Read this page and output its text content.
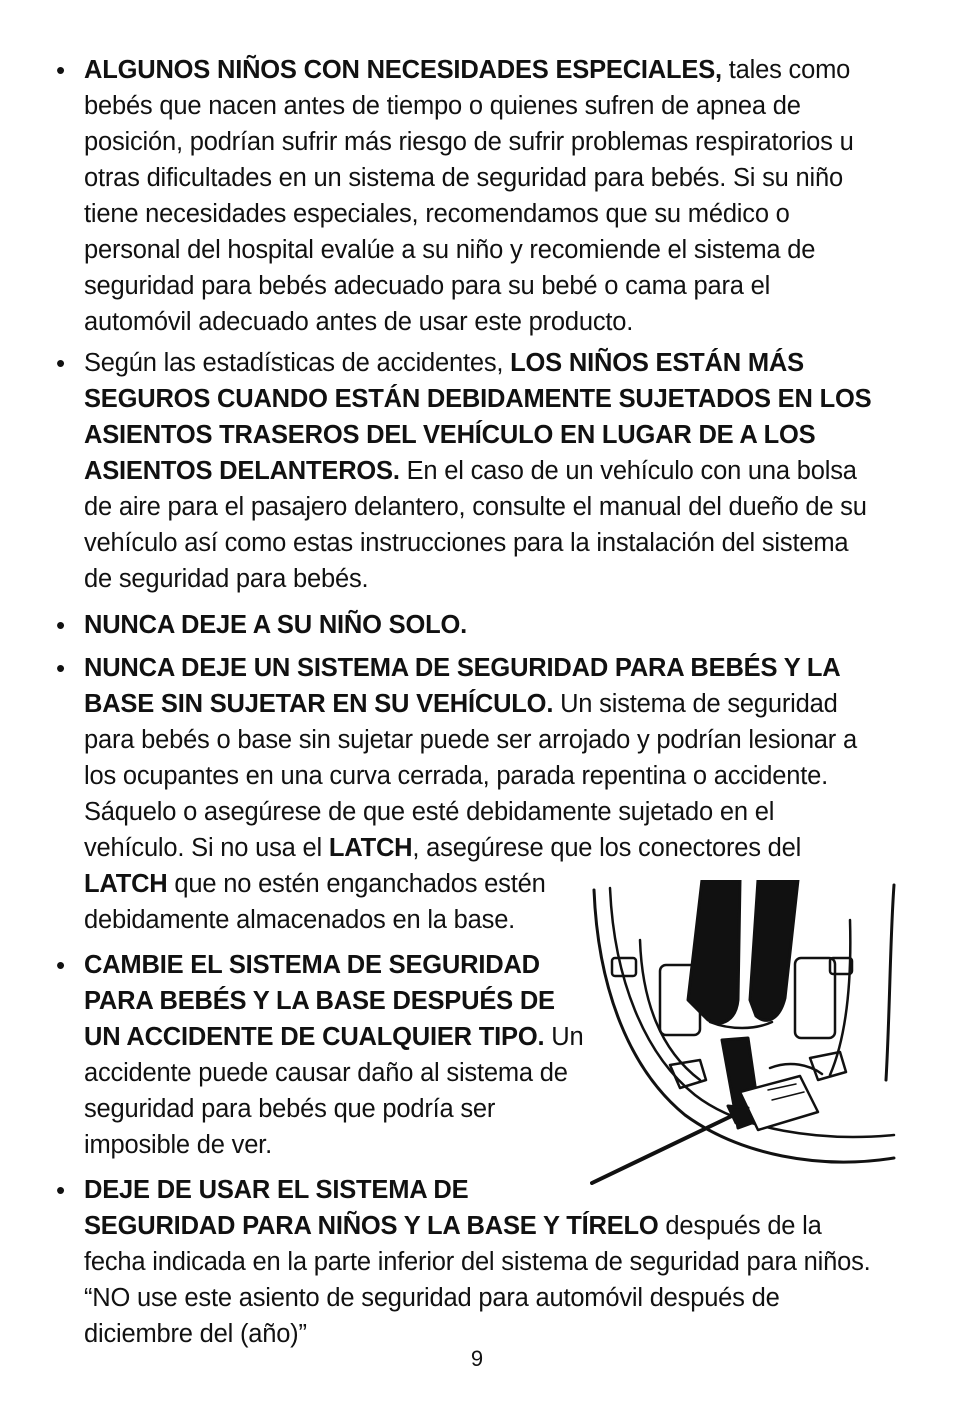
• ALGUNOS NIÑOS CON NECESIDADES ESPECIALES, tales como
bebés que nacen antes de tiempo o quienes sufren de apnea de
posición, podrían sufrir más riesgo de sufrir problemas respiratorios u
otras dificultades en un sistema de seguridad para bebés. Si su niño
tiene necesidades especiales, recomendamos que su médico o
personal del hospital evalúe a su niño y recomiende el sistema de
seguridad para bebés adecuado para su bebé o cama para el
automóvil adecuado antes de usar este producto.
• Según las estadísticas de accidentes, LOS NIÑOS ESTÁN MÁS
SEGUROS CUANDO ESTÁN DEBIDAMENTE SUJETADOS EN LOS
ASIENTOS TRASEROS DEL VEHÍCULO EN LUGAR DE A LOS
ASIENTOS DELANTEROS. En el caso de un vehículo con una bolsa
de aire para el pasajero delantero, consulte el manual del dueño de su
vehículo así como estas instrucciones para la instalación del sistema
de seguridad para bebés.
• NUNCA DEJE A SU NIÑO SOLO.
• NUNCA DEJE UN SISTEMA DE SEGURIDAD PARA BEBÉS Y LA
BASE SIN SUJETAR EN SU VEHÍCULO. Un sistema de seguridad
para bebés o base sin sujetar puede ser arrojado y podrían lesionar a
los ocupantes en una curva cerrada, parada repentina o accidente.
Sáquelo o asegúrese de que esté debidamente sujetado en el
vehículo. Si no usa el LATCH, asegúrese que los conectores del
LATCH que no estén enganchados estén
debidamente almacenados en la base.
• CAMBIE EL SISTEMA DE SEGURIDAD
PARA BEBÉS Y LA BASE DESPUÉS DE
UN ACCIDENTE DE CUALQUIER TIPO. Un
accidente puede causar daño al sistema de
seguridad para bebés que podría ser
imposible de ver.
• DEJE DE USAR EL SISTEMA DE
SEGURIDAD PARA NIÑOS Y LA BASE Y TÍRELO después de la
fecha indicada en la parte inferior del sistema de seguridad para niños.
“NO use este asiento de seguridad para automóvil después de
diciembre del (año)”
9
